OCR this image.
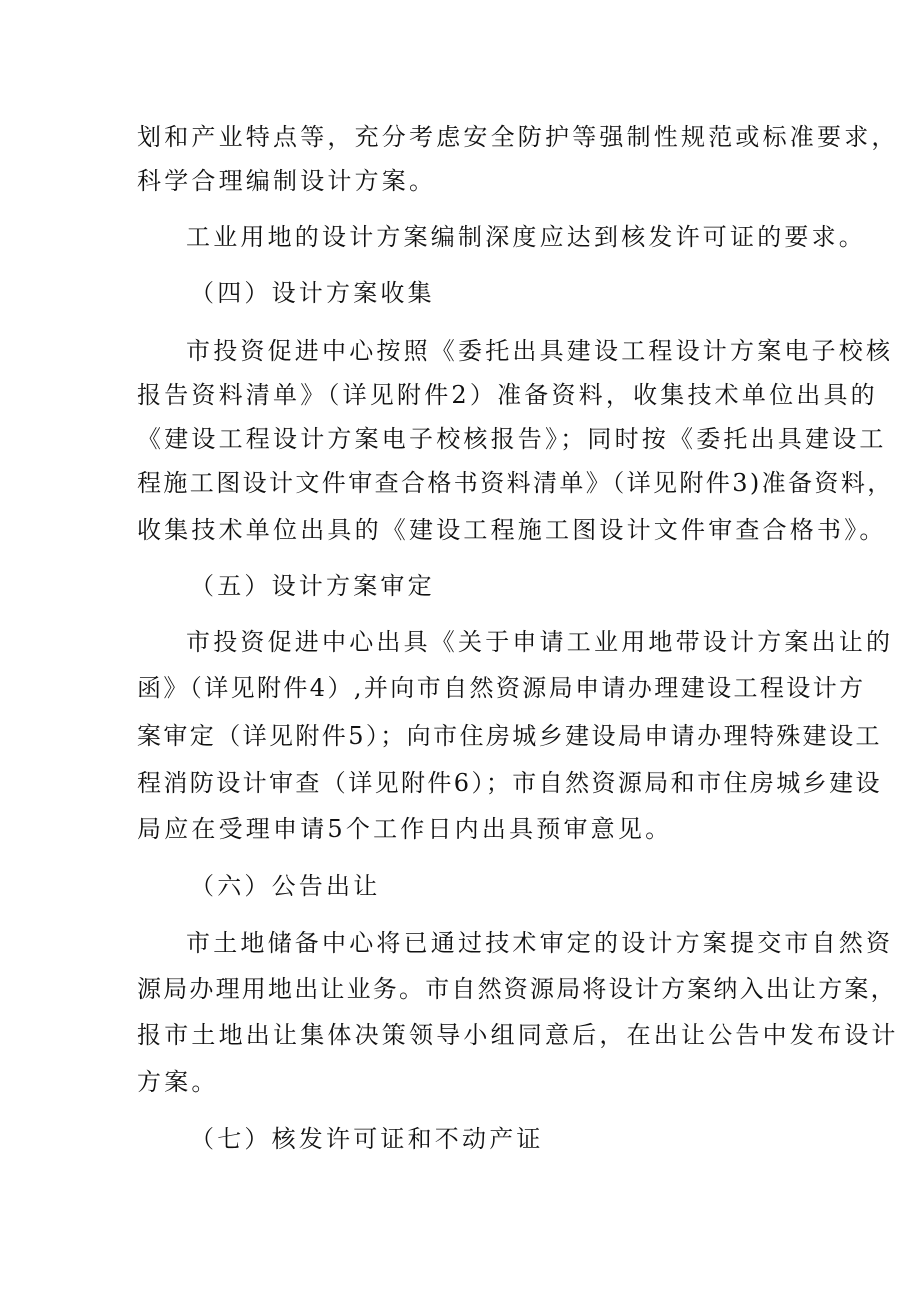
划和产业特点等，充分考虑安全防护等强制性规范或标准要求，
科学合理编制设计方案。
工业用地的设计方案编制深度应达到核发许可证的要求。
（四）设计方案收集
市投资促进中心按照《委托出具建设工程设计方案电子校核
报告资料清单》（详见附件2）准备资料，收集技术单位出具的
《建设工程设计方案电子校核报告》；同时按《委托出具建设工
程施工图设计文件审查合格书资料清单》（详见附件3)准备资料，
收集技术单位出具的《建设工程施工图设计文件审查合格书》。
（五）设计方案审定
市投资促进中心出具《关于申请工业用地带设计方案出让的
函》（详见附件4）,并向市自然资源局申请办理建设工程设计方
案审定（详见附件5）；向市住房城乡建设局申请办理特殊建设工
程消防设计审查（详见附件6）；市自然资源局和市住房城乡建设
局应在受理申请5个工作日内出具预审意见。
（六）公告出让
市土地储备中心将已通过技术审定的设计方案提交市自然资
源局办理用地出让业务。市自然资源局将设计方案纳入出让方案，
报市土地出让集体决策领导小组同意后，在出让公告中发布设计
方案。
（七）核发许可证和不动产证
